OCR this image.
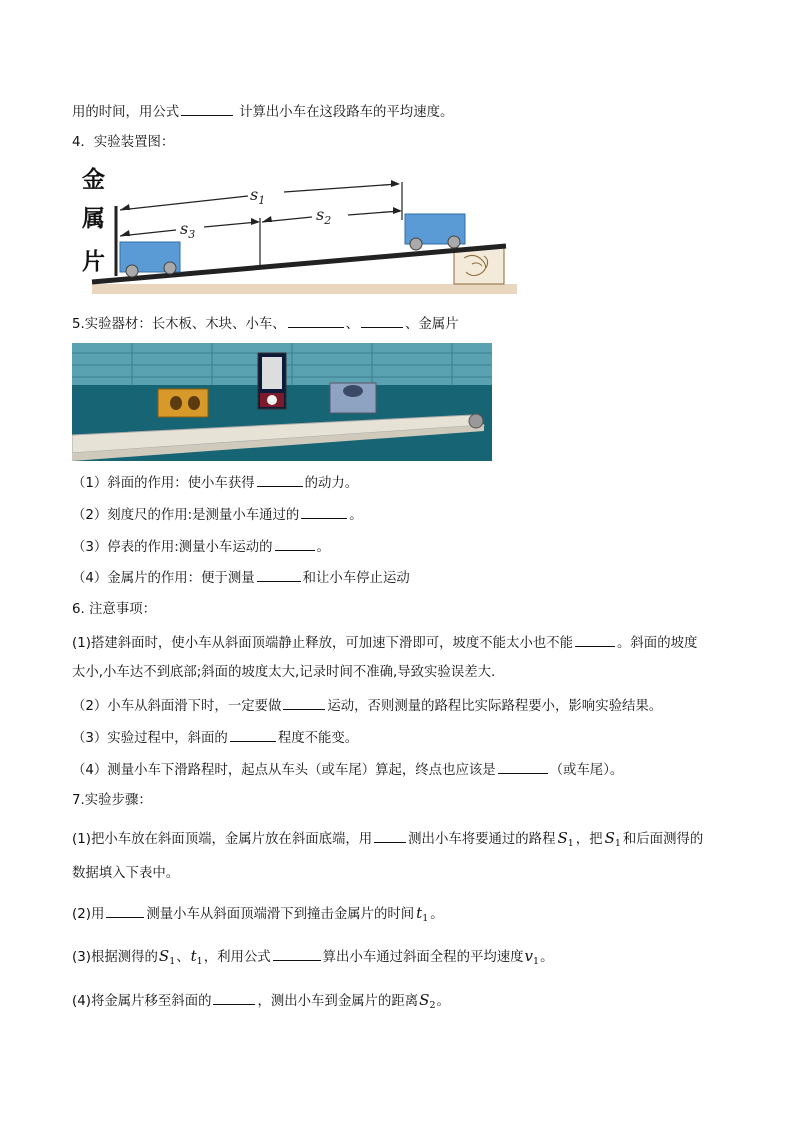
用的时间，用公式	计算出小车在这段路车的平均速度。
4．实验装置图：
$s_1$
$s_3$
$s_2$
金
属
片
5.实验器材：长木板、木块、小车、	、	、金属片
（1）斜面的作用：使小车获得	的动力。
（2）刻度尺的作用:是测量小车通过的	。
（3）停表的作用:测量小车运动的	。
（4）金属片的作用：便于测量	和让小车停止运动
6. 注意事项：
(1)搭建斜面时，使小车从斜面顶端静止释放，可加速下滑即可，坡度不能太小也不能	。斜面的坡度
太小,小车达不到底部;斜面的坡度太大,记录时间不准确,导致实验误差大.
（2）小车从斜面滑下时，一定要做	运动，否则测量的路程比实际路程要小，影响实验结果。
（3）实验过程中，斜面的	程度不能变。
（4）测量小车下滑路程时，起点从车头（或车尾）算起，终点也应该是	（或车尾）。
7.实验步骤：
(1)把小车放在斜面顶端，金属片放在斜面底端，用	测出小车将要通过的路程 $S_1$ ，把 $S_1$ 和后面测得的
数据填入下表中。
(2)用	测量小车从斜面顶端滑下到撞击金属片的时间 $t_1$ 。
(3)根据测得的$S_1$、$t_1$，利用公式	算出小车通过斜面全程的平均速度$v_1$。
(4)将金属片移至斜面的	，测出小车到金属片的距离$S_2$。
